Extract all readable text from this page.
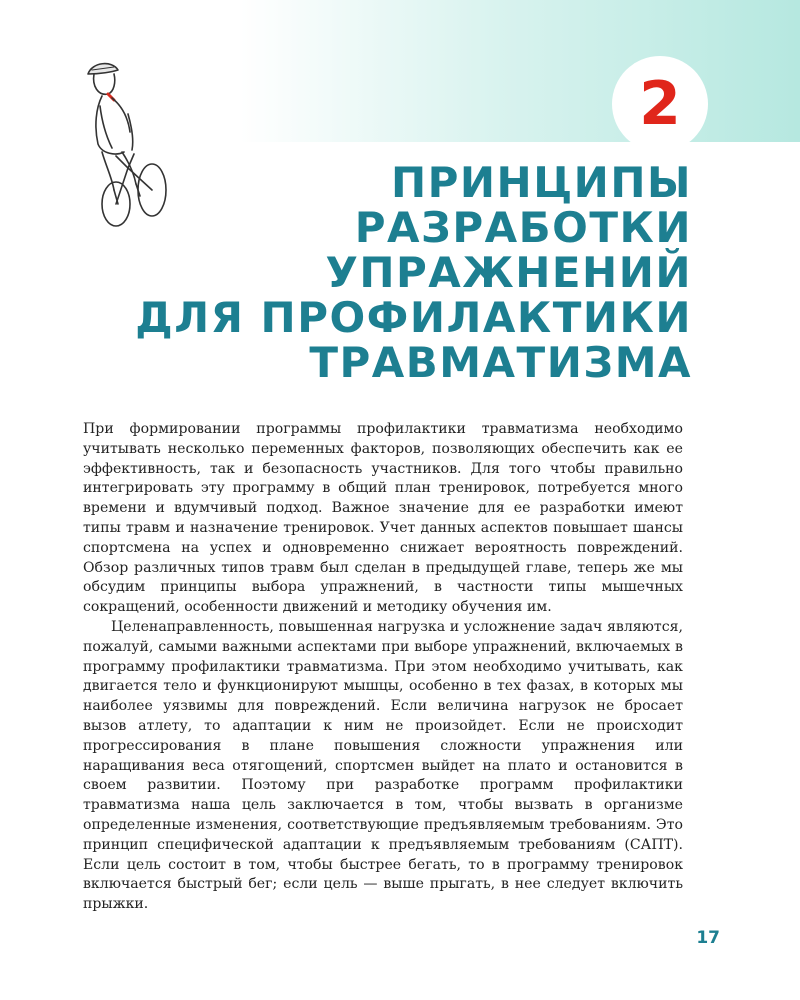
2
ПРИНЦИПЫ
РАЗРАБОТКИ
УПРАЖНЕНИЙ
ДЛЯ ПРОФИЛАКТИКИ
ТРАВМАТИЗМА

При формировании программы профилактики травматизма необходимо учитывать несколько переменных факторов, позволяющих обеспечить как ее эффективность, так и безопасность участников. Для того чтобы правильно интегрировать эту программу в общий план тренировок, потребуется много времени и вдумчивый подход. Важное значение для ее разработки имеют типы травм и назначение тренировок. Учет данных аспектов повышает шансы спортсмена на успех и одновременно снижает вероятность повреждений. Обзор различных типов травм был сделан в предыдущей главе, теперь же мы обсудим принципы выбора упражнений, в частности типы мышечных сокращений, особенности движений и методику обучения им.

Целенаправленность, повышенная нагрузка и усложнение задач являются, пожалуй, самыми важными аспектами при выборе упражнений, включаемых в программу профилактики травматизма. При этом необходимо учитывать, как двигается тело и функционируют мышцы, особенно в тех фазах, в которых мы наиболее уязвимы для повреждений. Если величина нагрузок не бросает вызов атлету, то адаптации к ним не произойдет. Если не происходит прогрессирования в плане повышения сложности упражнения или наращивания веса отягощений, спортсмен выйдет на плато и остановится в своем развитии. Поэтому при разработке программ профилактики травматизма наша цель заключается в том, чтобы вызвать в организме определенные изменения, соответствующие предъявляемым требованиям. Это принцип специфической адаптации к предъявляемым требованиям (САПТ). Если цель состоит в том, чтобы быстрее бегать, то в программу тренировок включается быстрый бег; если цель — выше прыгать, в нее следует включить прыжки.

17
